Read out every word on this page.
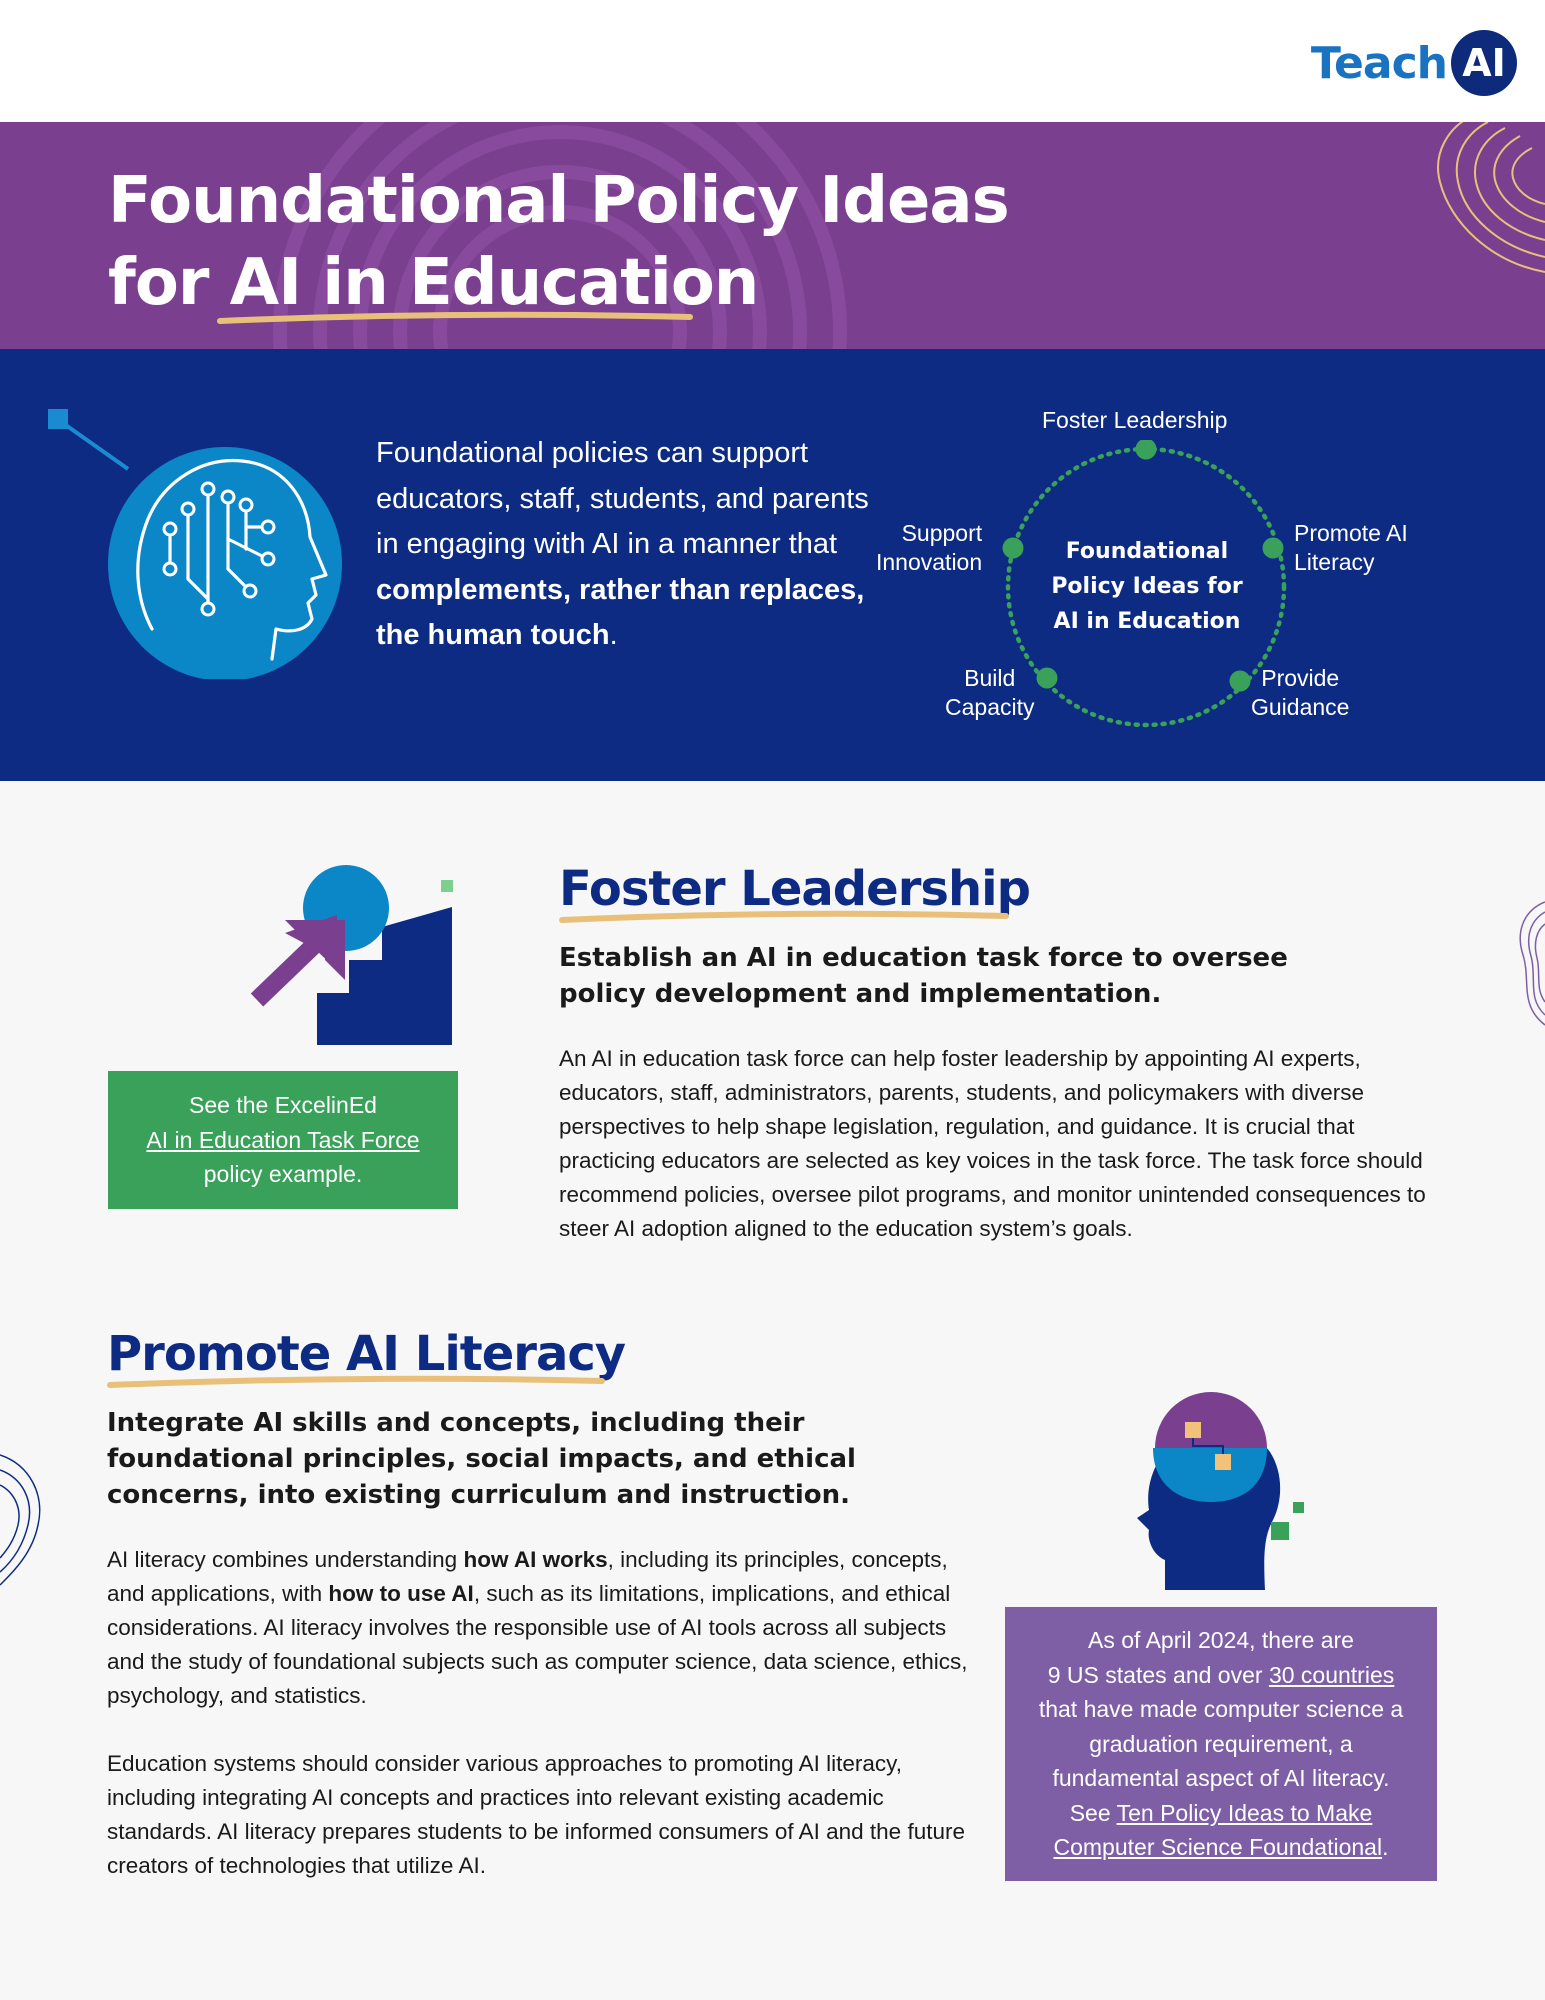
Teach AI
Foundational Policy Ideas
for AI in Education

Foundational policies can support educators, staff, students, and parents in engaging with AI in a manner that complements, rather than replaces, the human touch.

Foster Leadership
Promote AI
Literacy
Provide
Guidance
Build
Capacity
Support
Innovation	Foundational Policy Ideas for AI in Education
See the ExcelinEd
AI in Education Task Force
policy example.
Foster Leadership

Establish an AI in education task force to oversee policy development and implementation.

An AI in education task force can help foster leadership by appointing AI experts, educators, staff, administrators, parents, students, and policymakers with diverse perspectives to help shape legislation, regulation, and guidance. It is crucial that practicing educators are selected as key voices in the task force. The task force should recommend policies, oversee pilot programs, and monitor unintended consequences to steer AI adoption aligned to the education system’s goals.

Promote AI Literacy

Integrate AI skills and concepts, including their foundational principles, social impacts, and ethical concerns, into existing curriculum and instruction.

AI literacy combines understanding how AI works, including its principles, concepts, and applications, with how to use AI, such as its limitations, implications, and ethical considerations. AI literacy involves the responsible use of AI tools across all subjects and the study of foundational subjects such as computer science, data science, ethics, psychology, and statistics.

Education systems should consider various approaches to promoting AI literacy, including integrating AI concepts and practices into relevant existing academic standards. AI literacy prepares students to be informed consumers of AI and the future creators of technologies that utilize AI.

As of April 2024, there are
9 US states and over 30 countries
that have made computer science a
graduation requirement, a
fundamental aspect of AI literacy.
See Ten Policy Ideas to Make
Computer Science Foundational.
